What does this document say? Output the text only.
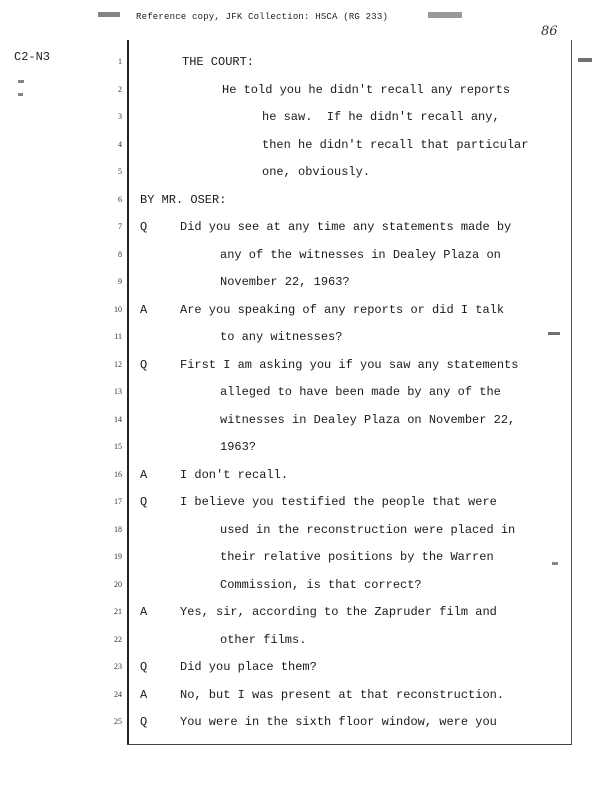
Reference copy, JFK Collection: HSCA (RG 233)
C2-N3
86
1	THE COURT:
2	He told you he didn't recall any reports
3	he saw.  If he didn't recall any,
4	then he didn't recall that particular
5	one, obviously.
6 BY MR. OSER:
7 Q	Did you see at any time any statements made by
8	any of the witnesses in Dealey Plaza on
9	November 22, 1963?
10 A	Are you speaking of any reports or did I talk
11	to any witnesses?
12 Q	First I am asking you if you saw any statements
13	alleged to have been made by any of the
14	witnesses in Dealey Plaza on November 22,
15	1963?
16 A	I don't recall.
17 Q	I believe you testified the people that were
18	used in the reconstruction were placed in
19	their relative positions by the Warren
20	Commission, is that correct?
21 A	Yes, sir, according to the Zapruder film and
22	other films.
23 Q	Did you place them?
24 A	No, but I was present at that reconstruction.
25 Q	You were in the sixth floor window, were you
